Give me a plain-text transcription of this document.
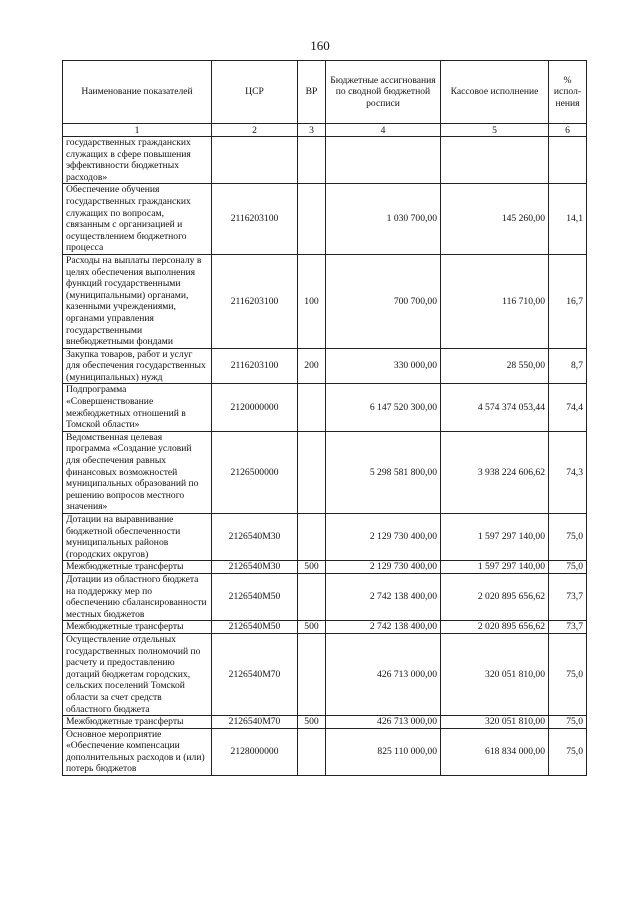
160
Наименование показателей	ЦСР	ВР	Бюджетные ассигнования по сводной бюджетной росписи	Кассовое исполнение	% испол-нения
1	2	3	4	5	6
государственных гражданских служащих в сфере повышения эффективности бюджетных расходов»					
Обеспечение обучения государственных гражданских служащих по вопросам, связанным с организацией и осуществлением бюджетного процесса	2116203100		1 030 700,00	145 260,00	14,1
Расходы на выплаты персоналу в целях обеспечения выполнения функций государственными (муниципальными) органами, казенными учреждениями, органами управления государственными внебюджетными фондами	2116203100	100	700 700,00	116 710,00	16,7
Закупка товаров, работ и услуг для обеспечения государственных (муниципальных) нужд	2116203100	200	330 000,00	28 550,00	8,7
Подпрограмма «Совершенствование межбюджетных отношений в Томской области»	2120000000		6 147 520 300,00	4 574 374 053,44	74,4
Ведомственная целевая программа «Создание условий для обеспечения равных финансовых возможностей муниципальных образований по решению вопросов местного значения»	2126500000		5 298 581 800,00	3 938 224 606,62	74,3
Дотации на выравнивание бюджетной обеспеченности муниципальных районов (городских округов)	2126540М30		2 129 730 400,00	1 597 297 140,00	75,0
Межбюджетные трансферты	2126540М30	500	2 129 730 400,00	1 597 297 140,00	75,0
Дотации из областного бюджета на поддержку мер по обеспечению сбалансированности местных бюджетов	2126540М50		2 742 138 400,00	2 020 895 656,62	73,7
Межбюджетные трансферты	2126540М50	500	2 742 138 400,00	2 020 895 656,62	73,7
Осуществление отдельных государственных полномочий по расчету и предоставлению дотаций бюджетам городских, сельских поселений Томской области за счет средств областного бюджета	2126540М70		426 713 000,00	320 051 810,00	75,0
Межбюджетные трансферты	2126540М70	500	426 713 000,00	320 051 810,00	75,0
Основное мероприятие «Обеспечение компенсации дополнительных расходов и (или) потерь бюджетов	2128000000		825 110 000,00	618 834 000,00	75,0
